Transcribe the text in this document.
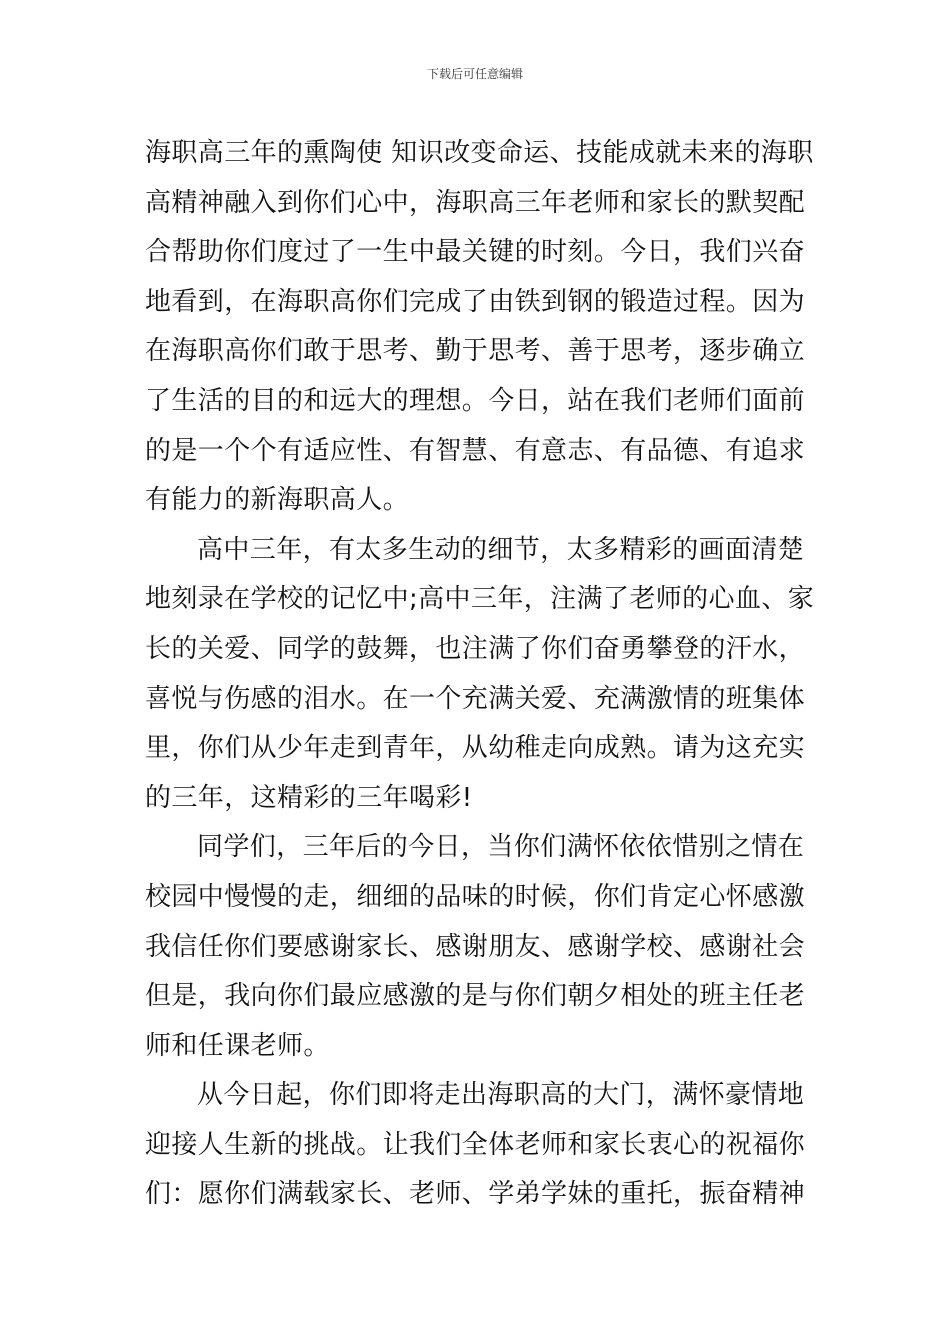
下载后可任意编辑
海职高三年的熏陶使 知识改变命运、技能成就未来的海职
高精神融入到你们心中，海职高三年老师和家长的默契配
合帮助你们度过了一生中最关键的时刻。今日，我们兴奋
地看到，在海职高你们完成了由铁到钢的锻造过程。因为
在海职高你们敢于思考、勤于思考、善于思考，逐步确立
了生活的目的和远大的理想。今日，站在我们老师们面前
的是一个个有适应性、有智慧、有意志、有品德、有追求
有能力的新海职高人。
高中三年，有太多生动的细节，太多精彩的画面清楚
地刻录在学校的记忆中;高中三年，注满了老师的心血、家
长的关爱、同学的鼓舞，也注满了你们奋勇攀登的汗水，
喜悦与伤感的泪水。在一个充满关爱、充满激情的班集体
里，你们从少年走到青年，从幼稚走向成熟。请为这充实
的三年，这精彩的三年喝彩!
同学们，三年后的今日，当你们满怀依依惜别之情在
校园中慢慢的走，细细的品味的时候，你们肯定心怀感激
我信任你们要感谢家长、感谢朋友、感谢学校、感谢社会
但是，我向你们最应感激的是与你们朝夕相处的班主任老
师和任课老师。
从今日起，你们即将走出海职高的大门，满怀豪情地
迎接人生新的挑战。让我们全体老师和家长衷心的祝福你
们：愿你们满载家长、老师、学弟学妹的重托，振奋精神
